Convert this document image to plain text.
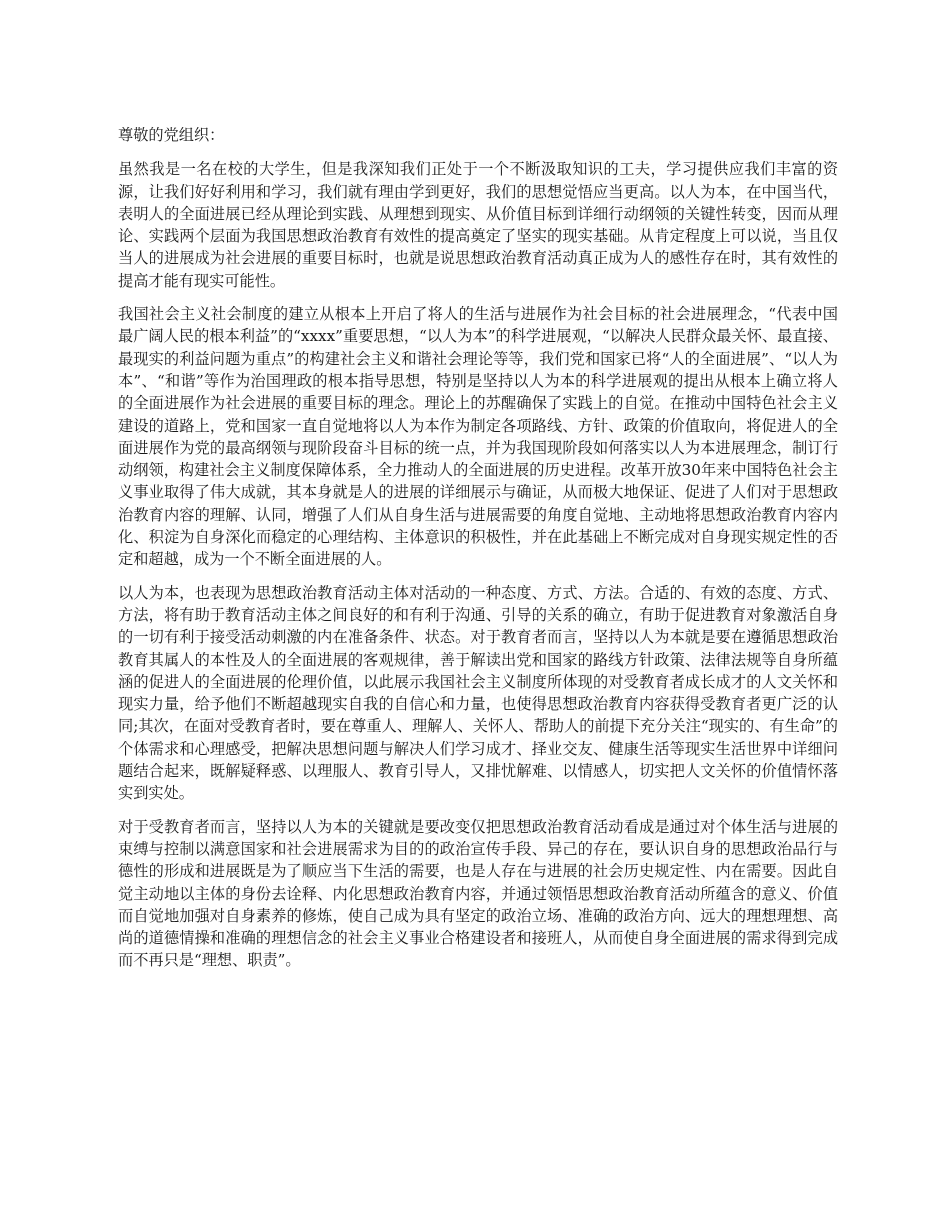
尊敬的党组织：

虽然我是一名在校的大学生，但是我深知我们正处于一个不断汲取知识的工夫，学习提供应我们丰富的资源，让我们好好利用和学习，我们就有理由学到更好，我们的思想觉悟应当更高。以人为本，在中国当代，表明人的全面进展已经从理论到实践、从理想到现实、从价值目标到详细行动纲领的关键性转变，因而从理论、实践两个层面为我国思想政治教育有效性的提高奠定了坚实的现实基础。从肯定程度上可以说，当且仅当人的进展成为社会进展的重要目标时，也就是说思想政治教育活动真正成为人的感性存在时，其有效性的提高才能有现实可能性。

我国社会主义社会制度的建立从根本上开启了将人的生活与进展作为社会目标的社会进展理念，“代表中国最广阔人民的根本利益”的“xxxx”重要思想，“以人为本”的科学进展观，“以解决人民群众最关怀、最直接、最现实的利益问题为重点”的构建社会主义和谐社会理论等等，我们党和国家已将“人的全面进展”、“以人为本”、“和谐”等作为治国理政的根本指导思想，特别是坚持以人为本的科学进展观的提出从根本上确立将人的全面进展作为社会进展的重要目标的理念。理论上的苏醒确保了实践上的自觉。在推动中国特色社会主义建设的道路上，党和国家一直自觉地将以人为本作为制定各项路线、方针、政策的价值取向，将促进人的全面进展作为党的最高纲领与现阶段奋斗目标的统一点，并为我国现阶段如何落实以人为本进展理念，制订行动纲领，构建社会主义制度保障体系，全力推动人的全面进展的历史进程。改革开放30年来中国特色社会主义事业取得了伟大成就，其本身就是人的进展的详细展示与确证，从而极大地保证、促进了人们对于思想政治教育内容的理解、认同，增强了人们从自身生活与进展需要的角度自觉地、主动地将思想政治教育内容内化、积淀为自身深化而稳定的心理结构、主体意识的积极性，并在此基础上不断完成对自身现实规定性的否定和超越，成为一个不断全面进展的人。

以人为本，也表现为思想政治教育活动主体对活动的一种态度、方式、方法。合适的、有效的态度、方式、方法，将有助于教育活动主体之间良好的和有利于沟通、引导的关系的确立，有助于促进教育对象激活自身的一切有利于接受活动刺激的内在准备条件、状态。对于教育者而言，坚持以人为本就是要在遵循思想政治教育其属人的本性及人的全面进展的客观规律，善于解读出党和国家的路线方针政策、法律法规等自身所蕴涵的促进人的全面进展的伦理价值，以此展示我国社会主义制度所体现的对受教育者成长成才的人文关怀和现实力量，给予他们不断超越现实自我的自信心和力量，也使得思想政治教育内容获得受教育者更广泛的认同;其次，在面对受教育者时，要在尊重人、理解人、关怀人、帮助人的前提下充分关注“现实的、有生命”的个体需求和心理感受，把解决思想问题与解决人们学习成才、择业交友、健康生活等现实生活世界中详细问题结合起来，既解疑释惑、以理服人、教育引导人，又排忧解难、以情感人，切实把人文关怀的价值情怀落实到实处。

对于受教育者而言，坚持以人为本的关键就是要改变仅把思想政治教育活动看成是通过对个体生活与进展的束缚与控制以满意国家和社会进展需求为目的的政治宣传手段、异己的存在，要认识自身的思想政治品行与德性的形成和进展既是为了顺应当下生活的需要，也是人存在与进展的社会历史规定性、内在需要。因此自觉主动地以主体的身份去诠释、内化思想政治教育内容，并通过领悟思想政治教育活动所蕴含的意义、价值而自觉地加强对自身素养的修炼，使自己成为具有坚定的政治立场、准确的政治方向、远大的理想理想、高尚的道德情操和准确的理想信念的社会主义事业合格建设者和接班人，从而使自身全面进展的需求得到完成而不再只是“理想、职责”。
